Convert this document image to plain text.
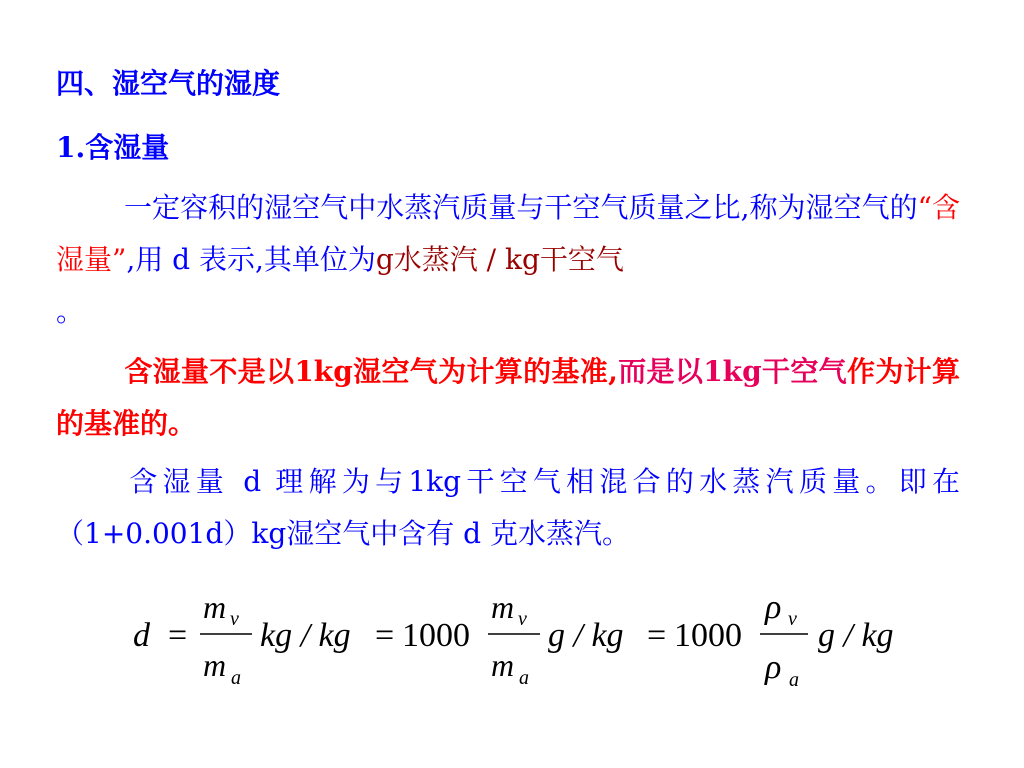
四、湿空气的湿度
1.含湿量
一定容积的湿空气中水蒸汽质量与干空气质量之比,称为湿空气的“含湿量”,用 d 表示,其单位为g水蒸汽 / kg干空气
。
含湿量不是以1kg湿空气为计算的基准,而是以1kg干空气作为计算的基准的。
含湿量 d 理解为与1kg干空气相混合的水蒸汽质量。即在（1+0.001d）kg湿空气中含有 d 克水蒸汽。
d =
m v
m a
kg / kg = 1000
m v
m a
g / kg = 1000
ρ v
ρ a
g / kg
